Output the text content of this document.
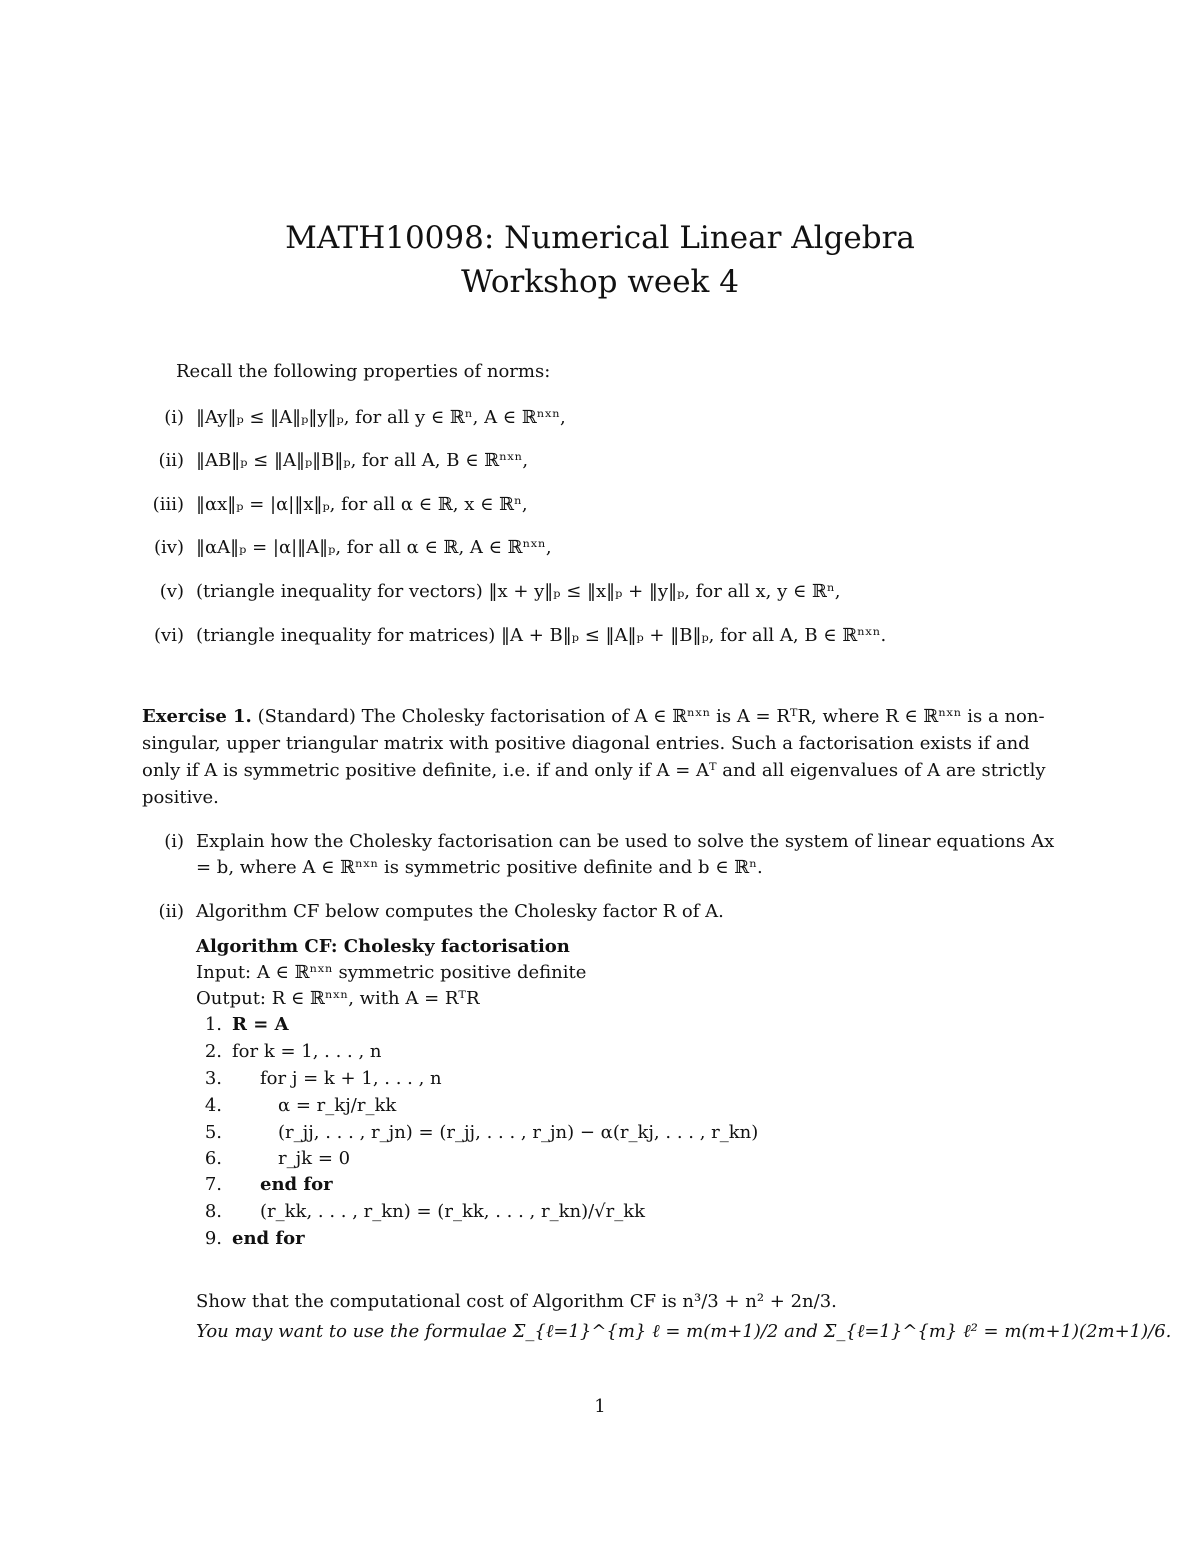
MATH10098: Numerical Linear Algebra
Workshop week 4
Recall the following properties of norms:
(i) ‖Ay‖ₚ ≤ ‖A‖ₚ‖y‖ₚ, for all y ∈ ℝⁿ, A ∈ ℝⁿˣⁿ,
(ii) ‖AB‖ₚ ≤ ‖A‖ₚ‖B‖ₚ, for all A, B ∈ ℝⁿˣⁿ,
(iii) ‖αx‖ₚ = |α|‖x‖ₚ, for all α ∈ ℝ, x ∈ ℝⁿ,
(iv) ‖αA‖ₚ = |α|‖A‖ₚ, for all α ∈ ℝ, A ∈ ℝⁿˣⁿ,
(v) (triangle inequality for vectors) ‖x + y‖ₚ ≤ ‖x‖ₚ + ‖y‖ₚ, for all x, y ∈ ℝⁿ,
(vi) (triangle inequality for matrices) ‖A + B‖ₚ ≤ ‖A‖ₚ + ‖B‖ₚ, for all A, B ∈ ℝⁿˣⁿ.
Exercise 1. (Standard) The Cholesky factorisation of A ∈ ℝⁿˣⁿ is A = RᵀR, where R ∈ ℝⁿˣⁿ is a non-singular, upper triangular matrix with positive diagonal entries. Such a factorisation exists if and only if A is symmetric positive definite, i.e. if and only if A = Aᵀ and all eigenvalues of A are strictly positive.
(i) Explain how the Cholesky factorisation can be used to solve the system of linear equations Ax = b, where A ∈ ℝⁿˣⁿ is symmetric positive definite and b ∈ ℝⁿ.
(ii) Algorithm CF below computes the Cholesky factor R of A.
Algorithm CF: Cholesky factorisation
Input: A ∈ ℝⁿˣⁿ symmetric positive definite
Output: R ∈ ℝⁿˣⁿ, with A = RᵀR
1. R = A
2. for k = 1, . . . , n
3. for j = k + 1, . . . , n
4.	α = r_kj/r_kk
5.	(r_jj, . . . , r_jn) = (r_jj, . . . , r_jn) − α(r_kj, . . . , r_kn)
6.	r_jk = 0
7. end for
8. (r_kk, . . . , r_kn) = (r_kk, . . . , r_kn)/√r_kk
9. end for
Show that the computational cost of Algorithm CF is n³/3 + n² + 2n/3.
You may want to use the formulae Σ_{ℓ=1}^{m} ℓ = m(m+1)/2 and Σ_{ℓ=1}^{m} ℓ² = m(m+1)(2m+1)/6.
1
